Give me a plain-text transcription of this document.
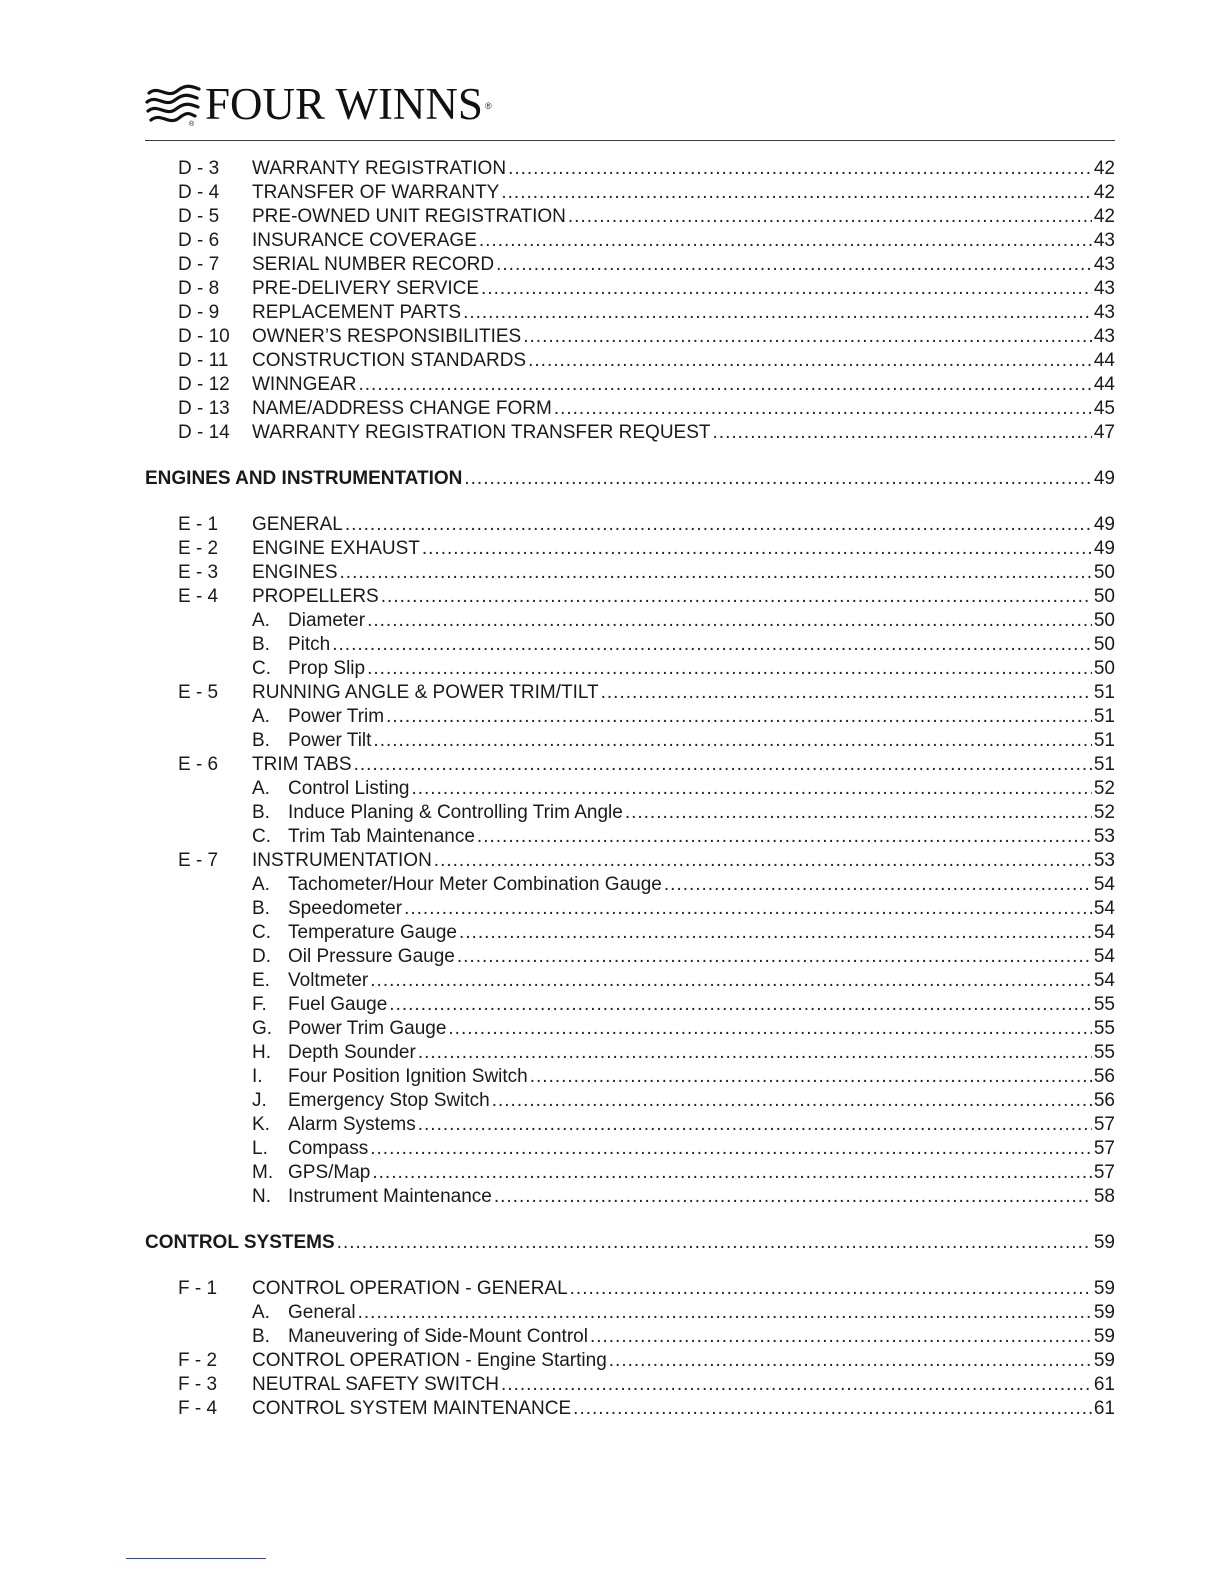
® FOUR WINNS ®
D - 3	WARRANTY REGISTRATION .....	42
D - 4	TRANSFER OF WARRANTY .....	42
D - 5	PRE-OWNED UNIT REGISTRATION .....	42
D - 6	INSURANCE COVERAGE .....	43
D - 7	SERIAL NUMBER RECORD .....	43
D - 8	PRE-DELIVERY SERVICE .....	43
D - 9	REPLACEMENT PARTS .....	43
D - 10	OWNER’S RESPONSIBILITIES .....	43
D - 11	CONSTRUCTION STANDARDS .....	44
D - 12	WINNGEAR .....	44
D - 13	NAME/ADDRESS CHANGE FORM .....	45
D - 14	WARRANTY REGISTRATION TRANSFER REQUEST .....	47
ENGINES AND INSTRUMENTATION .....	49
E - 1	GENERAL .....	49
E - 2	ENGINE EXHAUST .....	49
E - 3	ENGINES .....	50
E - 4	PROPELLERS .....	50
A. Diameter .....	50
B. Pitch .....	50
C. Prop Slip .....	50
E - 5	RUNNING ANGLE & POWER TRIM/TILT .....	51
A. Power Trim .....	51
B. Power Tilt .....	51
E - 6	TRIM TABS .....	51
A. Control Listing .....	52
B. Induce Planing & Controlling Trim Angle .....	52
C. Trim Tab Maintenance .....	53
E - 7	INSTRUMENTATION .....	53
A. Tachometer/Hour Meter Combination Gauge .....	54
B. Speedometer .....	54
C. Temperature Gauge .....	54
D. Oil Pressure Gauge .....	54
E. Voltmeter .....	54
F.	Fuel Gauge .....	55
G. Power Trim Gauge .....	55
H. Depth Sounder .....	55
I.	Four Position Ignition Switch .....	56
J.	Emergency Stop Switch .....	56
K. Alarm Systems .....	57
L.	Compass .....	57
M. GPS/Map .....	57
N. Instrument Maintenance .....	58
CONTROL SYSTEMS .....	59
F - 1	CONTROL OPERATION - GENERAL .....	59
A. General .....	59
B. Maneuvering of Side-Mount Control .....	59
F - 2	CONTROL OPERATION - Engine Starting .....	59
F - 3	NEUTRAL SAFETY SWITCH .....	61
F - 4	CONTROL SYSTEM MAINTENANCE .....	61
